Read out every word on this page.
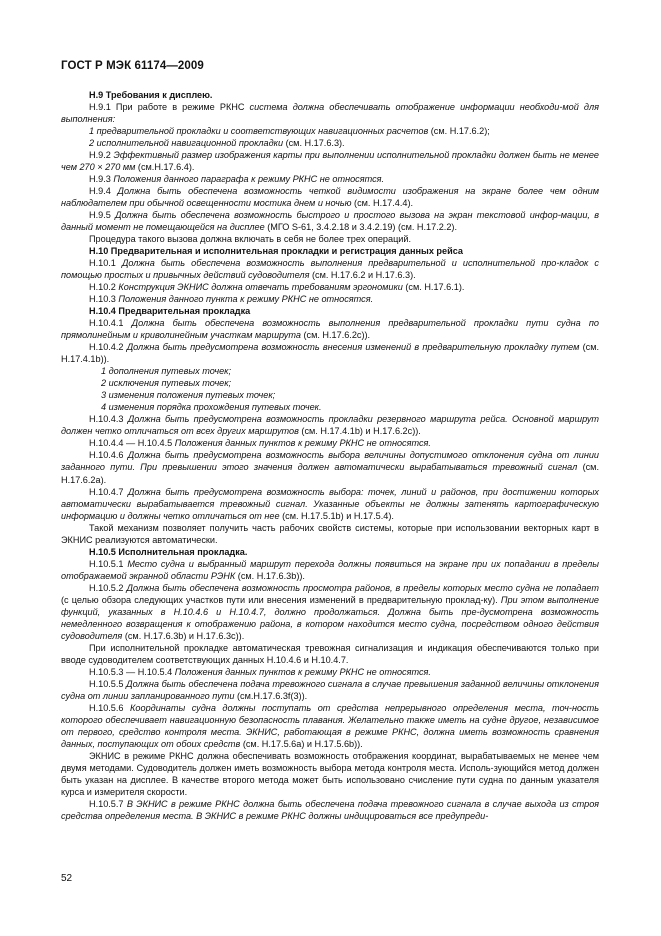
ГОСТ Р МЭК 61174—2009

Н.9 Требования к дисплею.

Н.9.1 При работе в режиме РКНС система должна обеспечивать отображение информации необходи-мой для выполнения:

1 предварительной прокладки и соответствующих навигационных расчетов (см. Н.17.6.2);

2 исполнительной навигационной прокладки (см. Н.17.6.3).

Н.9.2 Эффективный размер изображения карты при выполнении исполнительной прокладки должен быть не менее чем 270 × 270 мм (см.Н.17.6.4).

Н.9.3 Положения данного параграфа к режиму РКНС не относятся.

Н.9.4 Должна быть обеспечена возможность четкой видимости изображения на экране более чем одним наблюдателем при обычной освещенности мостика днем и ночью (см. Н.17.4.4).

Н.9.5 Должна быть обеспечена возможность быстрого и простого вызова на экран текстовой инфор-мации, в данный момент не помещающейся на дисплее (МГО S-61, 3.4.2.18 и 3.4.2.19) (см. Н.17.2.2).

Процедура такого вызова должна включать в себя не более трех операций.

Н.10 Предварительная и исполнительная прокладки и регистрация данных рейса

Н.10.1 Должна быть обеспечена возможность выполнения предварительной и исполнительной про-кладок с помощью простых и привычных действий судоводителя (см. Н.17.6.2 и Н.17.6.3).

Н.10.2 Конструкция ЭКНИС должна отвечать требованиям эргономики (см. Н.17.6.1).

Н.10.3 Положения данного пункта к режиму РКНС не относятся.

Н.10.4 Предварительная прокладка

Н.10.4.1 Должна быть обеспечена возможность выполнения предварительной прокладки пути судна по прямолинейным и криволинейным участкам маршрута (см. Н.17.6.2с)).

Н.10.4.2 Должна быть предусмотрена возможность внесения изменений в предварительную прокладку путем (см. Н.17.4.1b)).

1 дополнения путевых точек;

2 исключения путевых точек;

3 изменения положения путевых точек;

4 изменения порядка прохождения путевых точек.

Н.10.4.3 Должна быть предусмотрена возможность прокладки резервного маршрута рейса. Основной маршрут должен четко отличаться от всех других маршрутов (см. Н.17.4.1b) и Н.17.6.2с)).

Н.10.4.4 — Н.10.4.5 Положения данных пунктов к режиму РКНС не относятся.

Н.10.4.6 Должна быть предусмотрена возможность выбора величины допустимого отклонения судна от линии заданного пути. При превышении этого значения должен автоматически вырабатываться тревожный сигнал (см. Н.17.6.2а).

Н.10.4.7 Должна быть предусмотрена возможность выбора: точек, линий и районов, при достижении которых автоматически вырабатывается тревожный сигнал. Указанные объекты не должны затенять картографическую информацию и должны четко отличаться от нее (см. Н.17.5.1b) и Н.17.5.4).

Такой механизм позволяет получить часть рабочих свойств системы, которые при использовании векторных карт в ЭКНИС реализуются автоматически.

Н.10.5 Исполнительная прокладка.

Н.10.5.1 Место судна и выбранный маршрут перехода должны появиться на экране при их попадании в пределы отображаемой экранной области РЭНК (см. Н.17.6.3b)).

Н.10.5.2 Должна быть обеспечена возможность просмотра районов, в пределы которых место судна не попадает (с целью обзора следующих участков пути или внесения изменений в предварительную проклад-ку). При этом выполнение функций, указанных в Н.10.4.6 и Н.10.4.7, должно продолжаться. Должна быть пре-дусмотрена возможность немедленного возвращения к отображению района, в котором находится место судна, посредством одного действия судоводителя (см. Н.17.6.3b) и Н.17.6.3с)).

При исполнительной прокладке автоматическая тревожная сигнализация и индикация обеспечиваются только при вводе судоводителем соответствующих данных Н.10.4.6 и Н.10.4.7.

Н.10.5.3 — Н.10.5.4 Положения данных пунктов к режиму РКНС не относятся.

Н.10.5.5 Должна быть обеспечена подача тревожного сигнала в случае превышения заданной величины отклонения судна от линии запланированного пути (см.Н.17.6.3f(3)).

Н.10.5.6 Координаты судна должны поступать от средства непрерывного определения места, точ-ность которого обеспечивает навигационную безопасность плавания. Желательно также иметь на судне другое, независимое от первого, средство контроля места. ЭКНИС, работающая в режиме РКНС, должна иметь возможность сравнения данных, поступающих от обоих средств (см. Н.17.5.6а) и Н.17.5.6b)).

ЭКНИС в режиме РКНС должна обеспечивать возможность отображения координат, вырабатываемых не менее чем двумя методами. Судоводитель должен иметь возможность выбора метода контроля места. Исполь-зующийся метод должен быть указан на дисплее. В качестве второго метода может быть использовано счисление пути судна по данным указателя курса и измерителя скорости.

Н.10.5.7 В ЭКНИС в режиме РКНС должна быть обеспечена подача тревожного сигнала в случае выхода из строя средства определения места. В ЭКНИС в режиме РКНС должны индицироваться все предупреди-

52
